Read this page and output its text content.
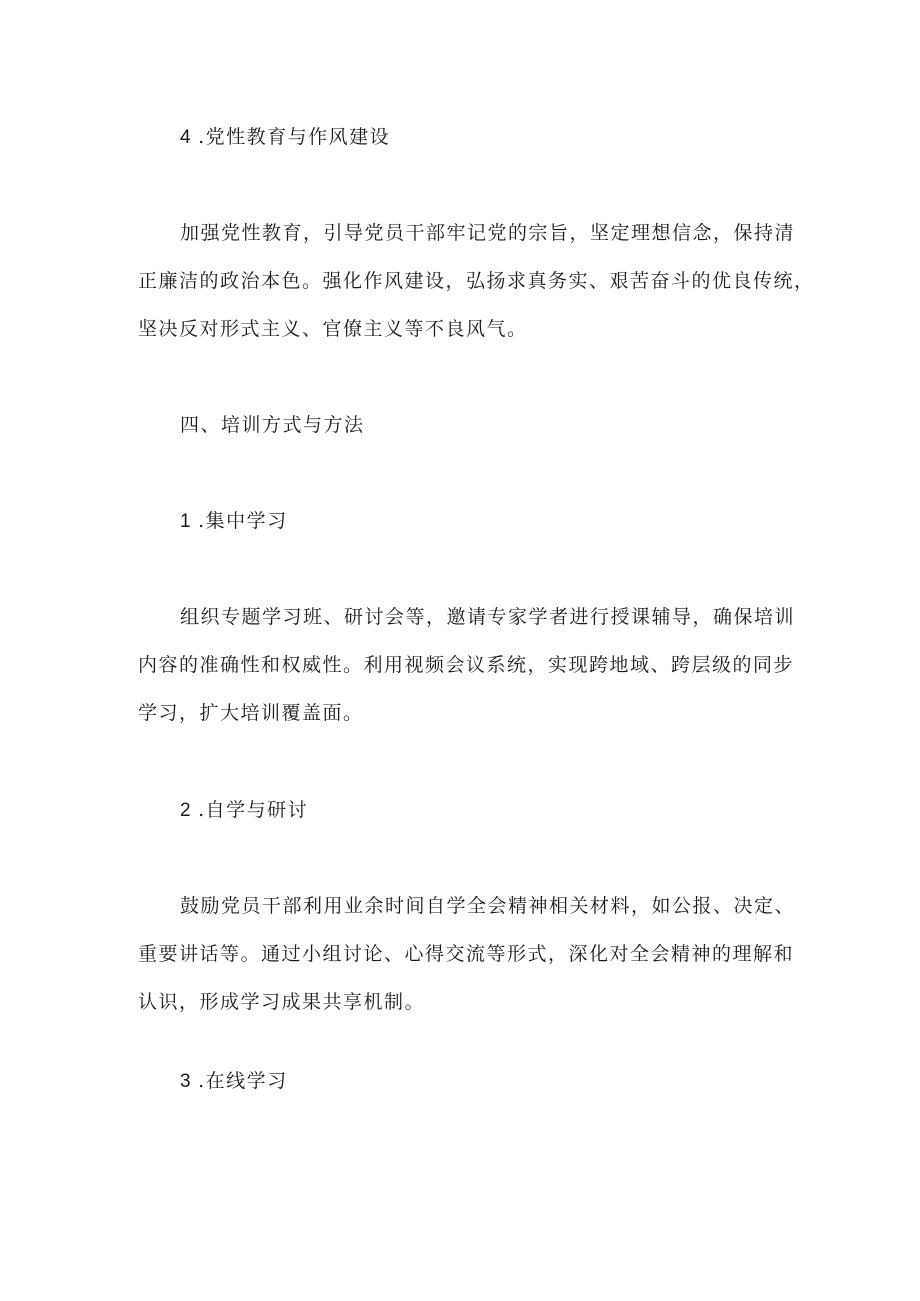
4 .党性教育与作风建设
加强党性教育，引导党员干部牢记党的宗旨，坚定理想信念，保持清
正廉洁的政治本色。强化作风建设，弘扬求真务实、艰苦奋斗的优良传统，
坚决反对形式主义、官僚主义等不良风气。
四、培训方式与方法
1 .集中学习
组织专题学习班、研讨会等，邀请专家学者进行授课辅导，确保培训
内容的准确性和权威性。利用视频会议系统，实现跨地域、跨层级的同步
学习，扩大培训覆盖面。
2 .自学与研讨
鼓励党员干部利用业余时间自学全会精神相关材料，如公报、决定、
重要讲话等。通过小组讨论、心得交流等形式，深化对全会精神的理解和
认识，形成学习成果共享机制。
3 .在线学习
